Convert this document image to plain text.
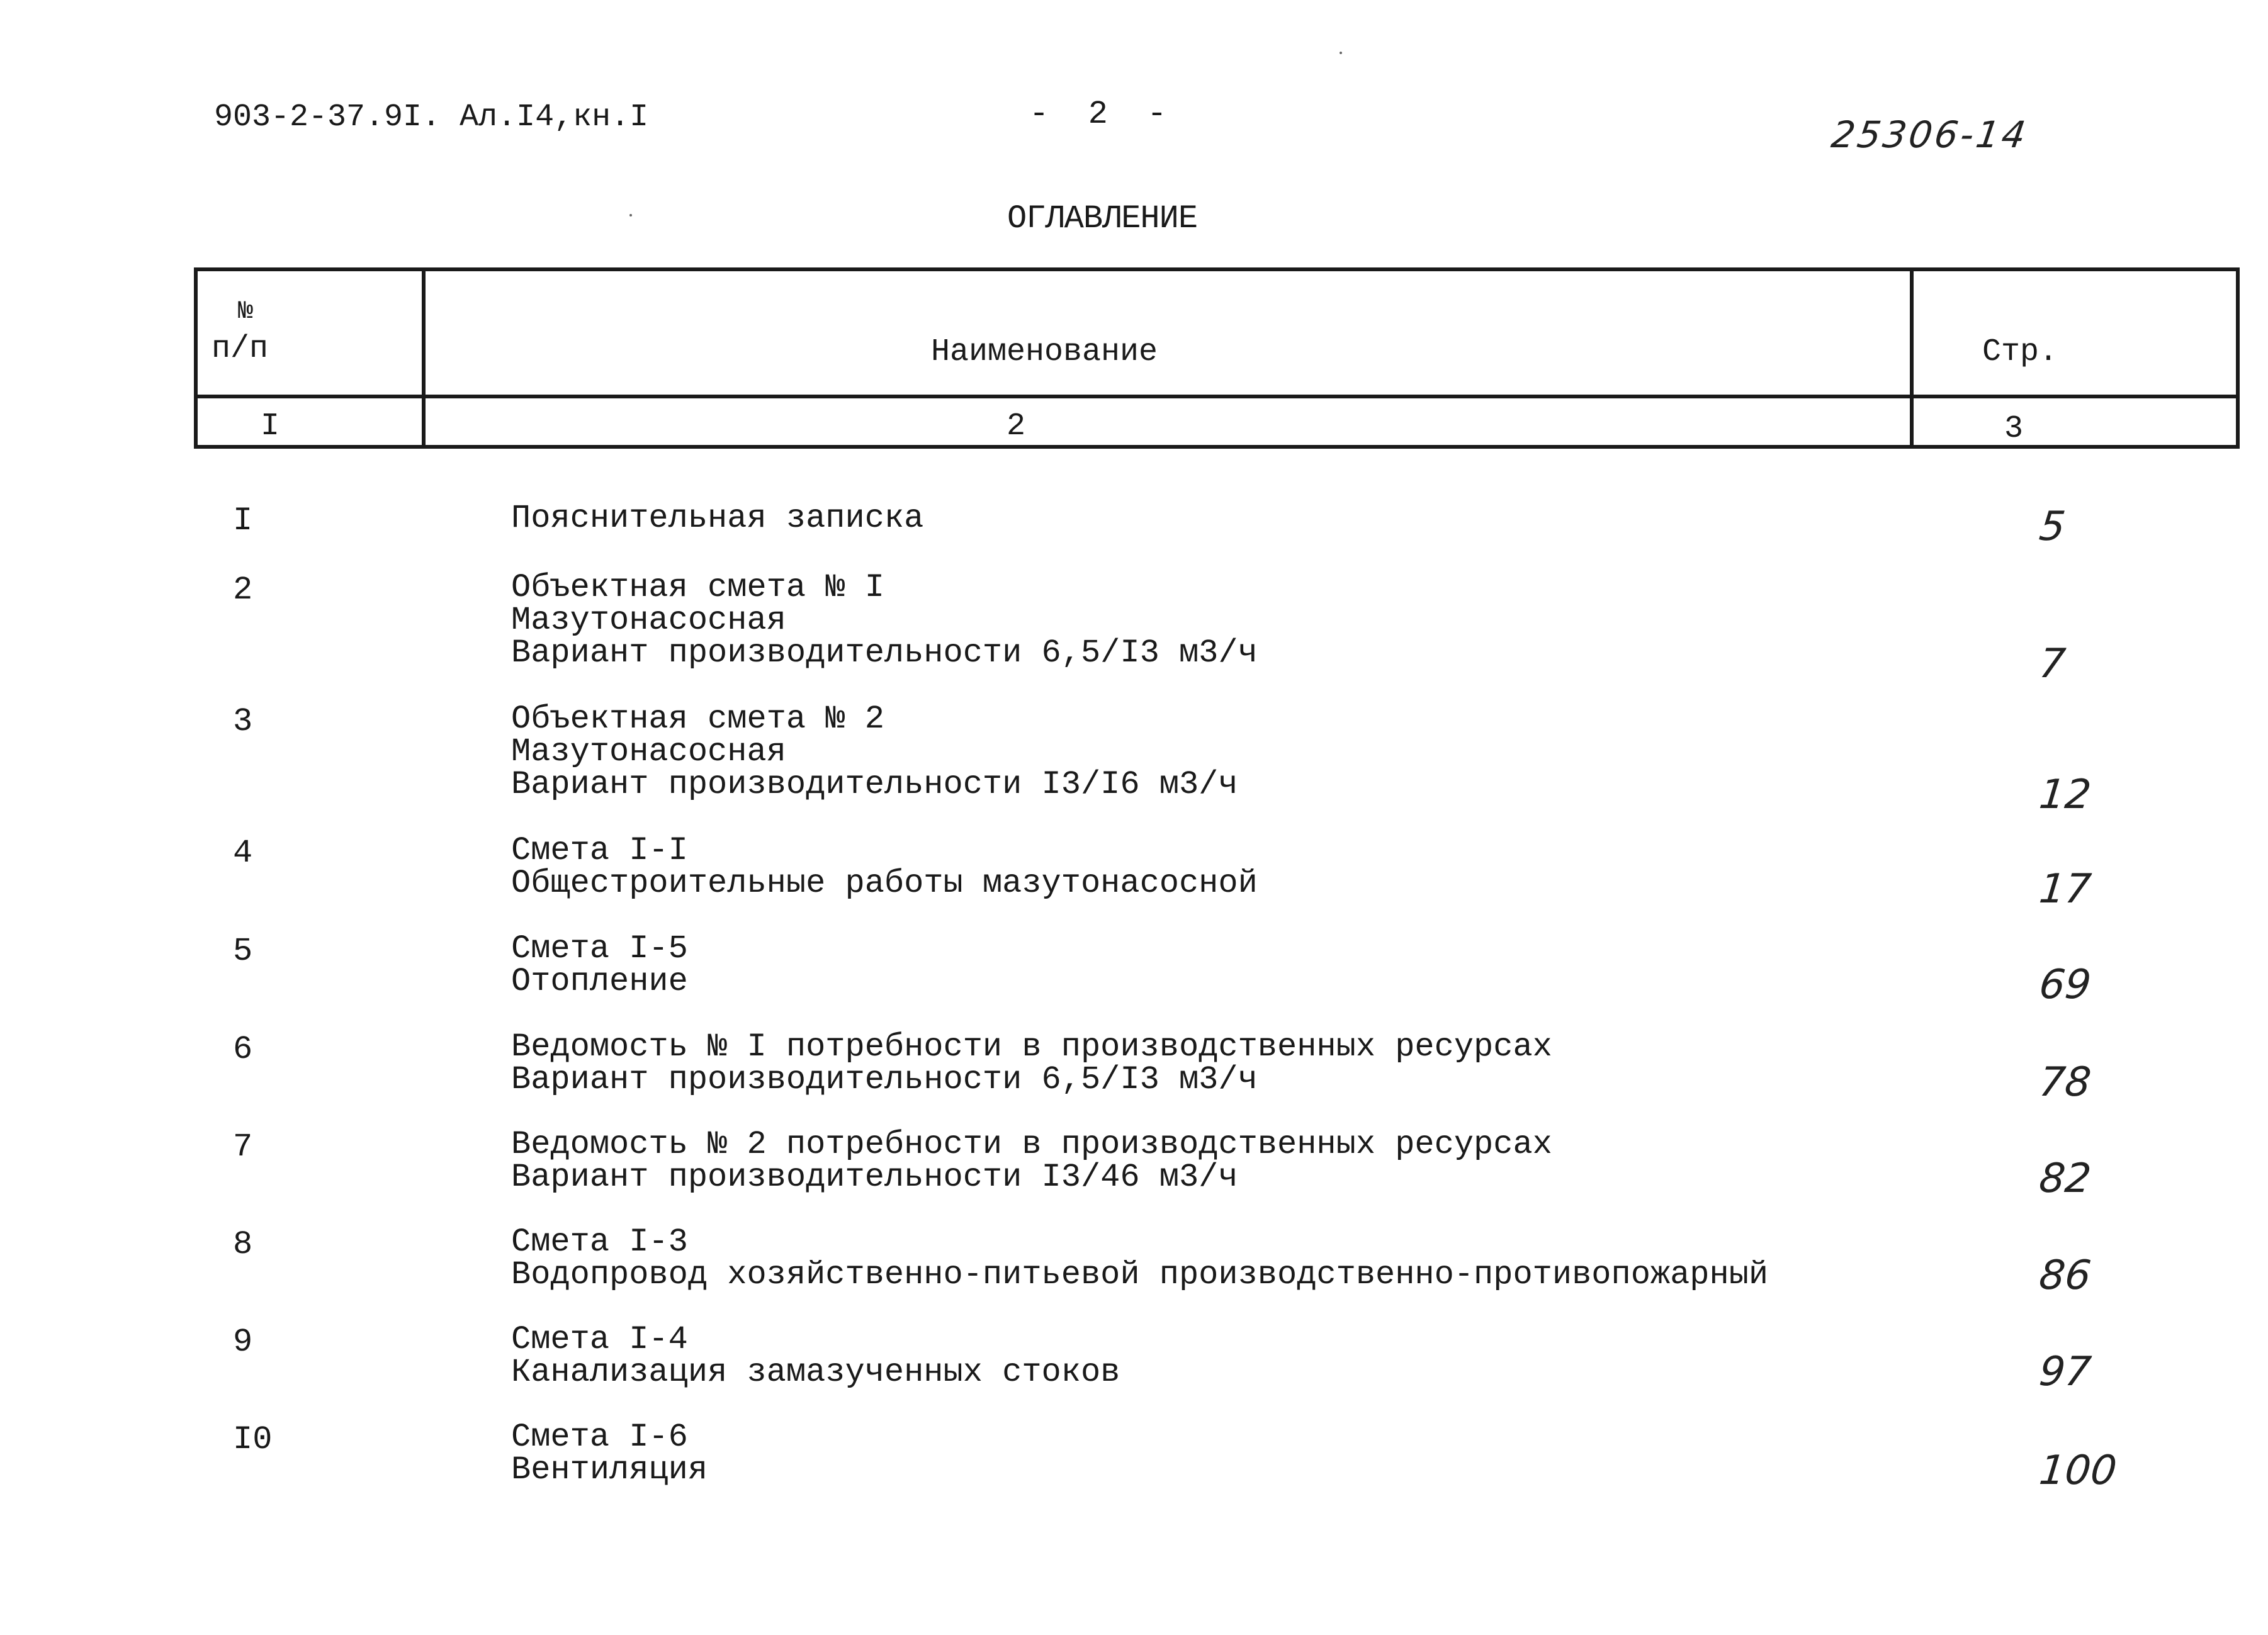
903-2-37.9I. Ал.I4,кн.I	-  2  -	25306-14
ОГЛАВЛЕНИЕ
№
п/п	Наименование	Стр.
I	2	3
I	Пояснительная записка	5
2	Объектная смета № I
Мазутонасосная
Вариант производительности 6,5/I3 м3/ч	7
3	Объектная смета № 2
Мазутонасосная
Вариант производительности I3/I6 м3/ч	12
4	Смета I-I
Общестроительные работы мазутонасосной	17
5	Смета I-5
Отопление	69
6	Ведомость № I потребности в производственных ресурсах
Вариант производительности 6,5/I3 м3/ч	78
7	Ведомость № 2 потребности в производственных ресурсах
Вариант производительности I3/46 м3/ч	82
8	Смета I-3
Водопровод хозяйственно-питьевой производственно-противопожарный	86
9	Смета I-4
Канализация замазученных стоков	97
I0	Смета I-6
Вентиляция	100
